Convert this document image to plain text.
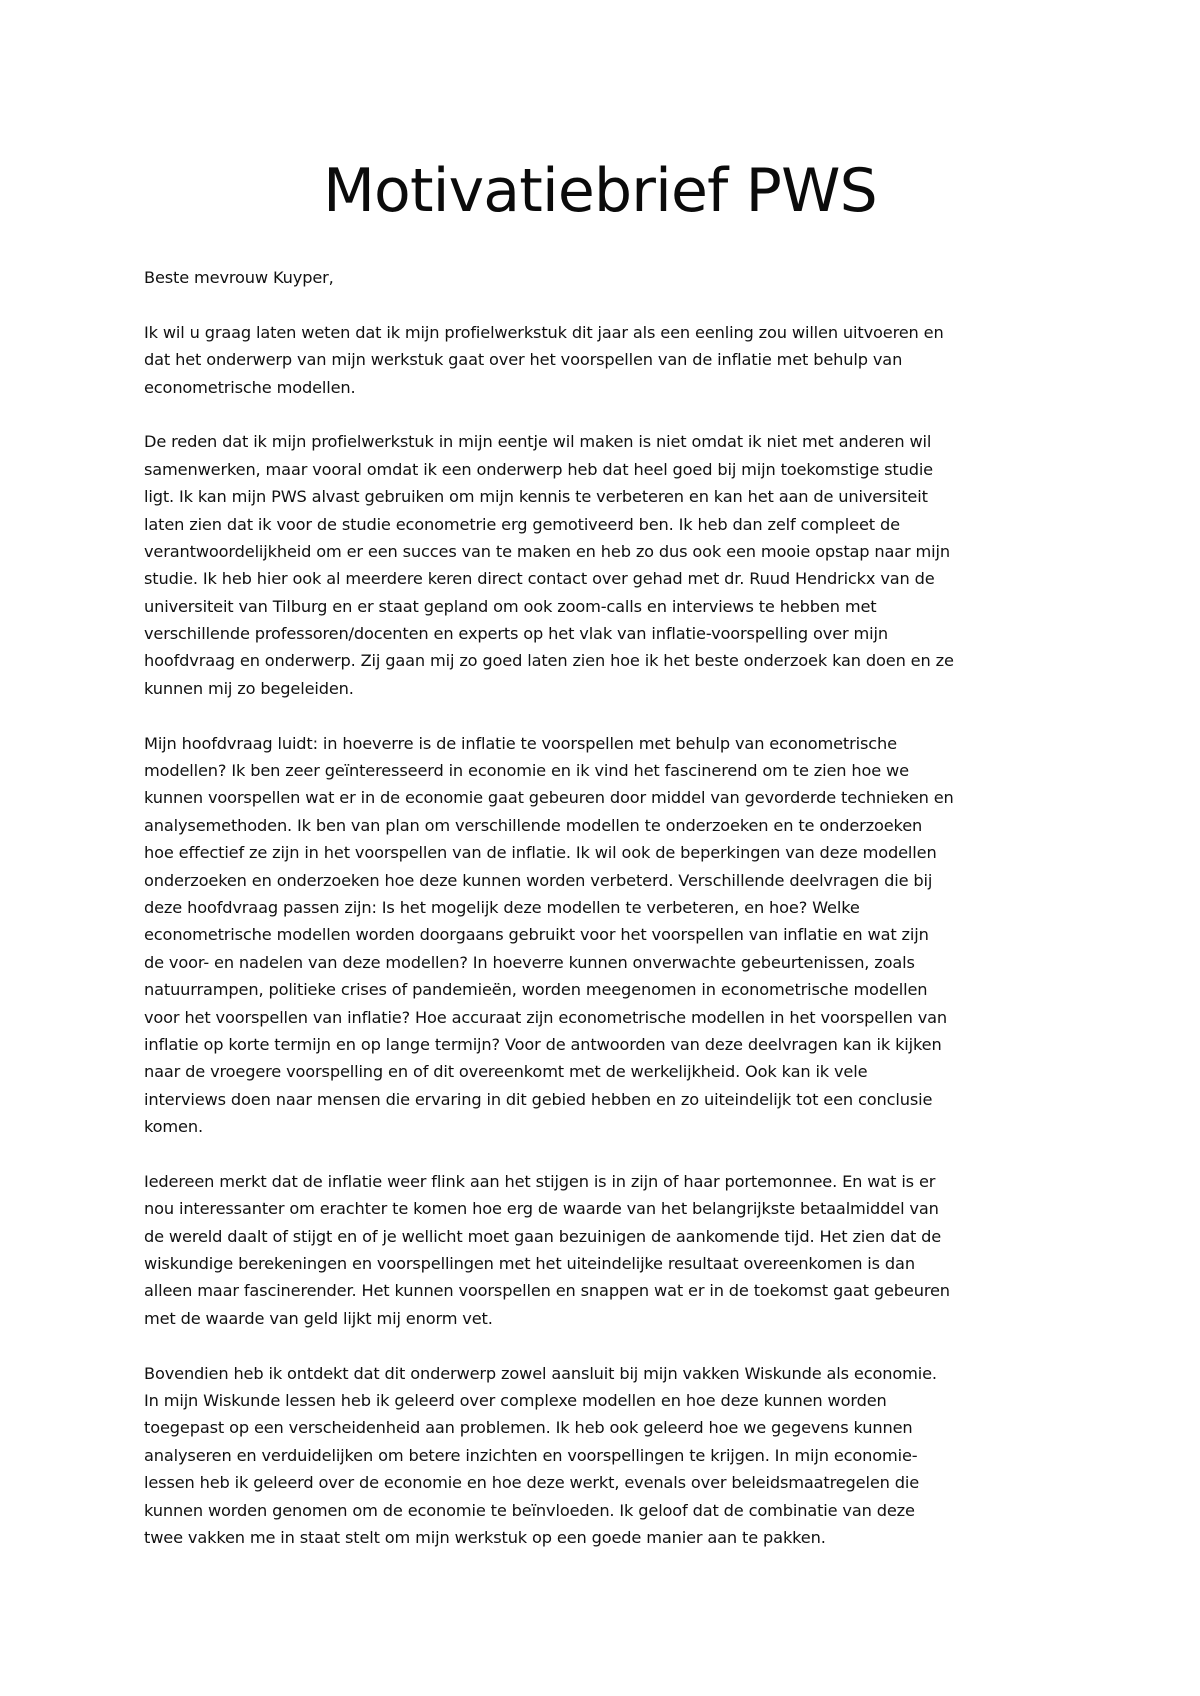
Motivatiebrief PWS
Beste mevrouw Kuyper,
Ik wil u graag laten weten dat ik mijn profielwerkstuk dit jaar als een eenling zou willen uitvoeren en
dat het onderwerp van mijn werkstuk gaat over het voorspellen van de inflatie met behulp van
econometrische modellen.
De reden dat ik mijn profielwerkstuk in mijn eentje wil maken is niet omdat ik niet met anderen wil
samenwerken, maar vooral omdat ik een onderwerp heb dat heel goed bij mijn toekomstige studie
ligt. Ik kan mijn PWS alvast gebruiken om mijn kennis te verbeteren en kan het aan de universiteit
laten zien dat ik voor de studie econometrie erg gemotiveerd ben. Ik heb dan zelf compleet de
verantwoordelijkheid om er een succes van te maken en heb zo dus ook een mooie opstap naar mijn
studie. Ik heb hier ook al meerdere keren direct contact over gehad met dr. Ruud Hendrickx van de
universiteit van Tilburg en er staat gepland om ook zoom-calls en interviews te hebben met
verschillende professoren/docenten en experts op het vlak van inflatie-voorspelling over mijn
hoofdvraag en onderwerp. Zij gaan mij zo goed laten zien hoe ik het beste onderzoek kan doen en ze
kunnen mij zo begeleiden.
Mijn hoofdvraag luidt: in hoeverre is de inflatie te voorspellen met behulp van econometrische
modellen? Ik ben zeer geïnteresseerd in economie en ik vind het fascinerend om te zien hoe we
kunnen voorspellen wat er in de economie gaat gebeuren door middel van gevorderde technieken en
analysemethoden. Ik ben van plan om verschillende modellen te onderzoeken en te onderzoeken
hoe effectief ze zijn in het voorspellen van de inflatie. Ik wil ook de beperkingen van deze modellen
onderzoeken en onderzoeken hoe deze kunnen worden verbeterd. Verschillende deelvragen die bij
deze hoofdvraag passen zijn: Is het mogelijk deze modellen te verbeteren, en hoe? Welke
econometrische modellen worden doorgaans gebruikt voor het voorspellen van inflatie en wat zijn
de voor- en nadelen van deze modellen? In hoeverre kunnen onverwachte gebeurtenissen, zoals
natuurrampen, politieke crises of pandemieën, worden meegenomen in econometrische modellen
voor het voorspellen van inflatie? Hoe accuraat zijn econometrische modellen in het voorspellen van
inflatie op korte termijn en op lange termijn? Voor de antwoorden van deze deelvragen kan ik kijken
naar de vroegere voorspelling en of dit overeenkomt met de werkelijkheid. Ook kan ik vele
interviews doen naar mensen die ervaring in dit gebied hebben en zo uiteindelijk tot een conclusie
komen.
Iedereen merkt dat de inflatie weer flink aan het stijgen is in zijn of haar portemonnee. En wat is er
nou interessanter om erachter te komen hoe erg de waarde van het belangrijkste betaalmiddel van
de wereld daalt of stijgt en of je wellicht moet gaan bezuinigen de aankomende tijd. Het zien dat de
wiskundige berekeningen en voorspellingen met het uiteindelijke resultaat overeenkomen is dan
alleen maar fascinerender. Het kunnen voorspellen en snappen wat er in de toekomst gaat gebeuren
met de waarde van geld lijkt mij enorm vet.
Bovendien heb ik ontdekt dat dit onderwerp zowel aansluit bij mijn vakken Wiskunde als economie.
In mijn Wiskunde lessen heb ik geleerd over complexe modellen en hoe deze kunnen worden
toegepast op een verscheidenheid aan problemen. Ik heb ook geleerd hoe we gegevens kunnen
analyseren en verduidelijken om betere inzichten en voorspellingen te krijgen. In mijn economie-
lessen heb ik geleerd over de economie en hoe deze werkt, evenals over beleidsmaatregelen die
kunnen worden genomen om de economie te beïnvloeden. Ik geloof dat de combinatie van deze
twee vakken me in staat stelt om mijn werkstuk op een goede manier aan te pakken.
